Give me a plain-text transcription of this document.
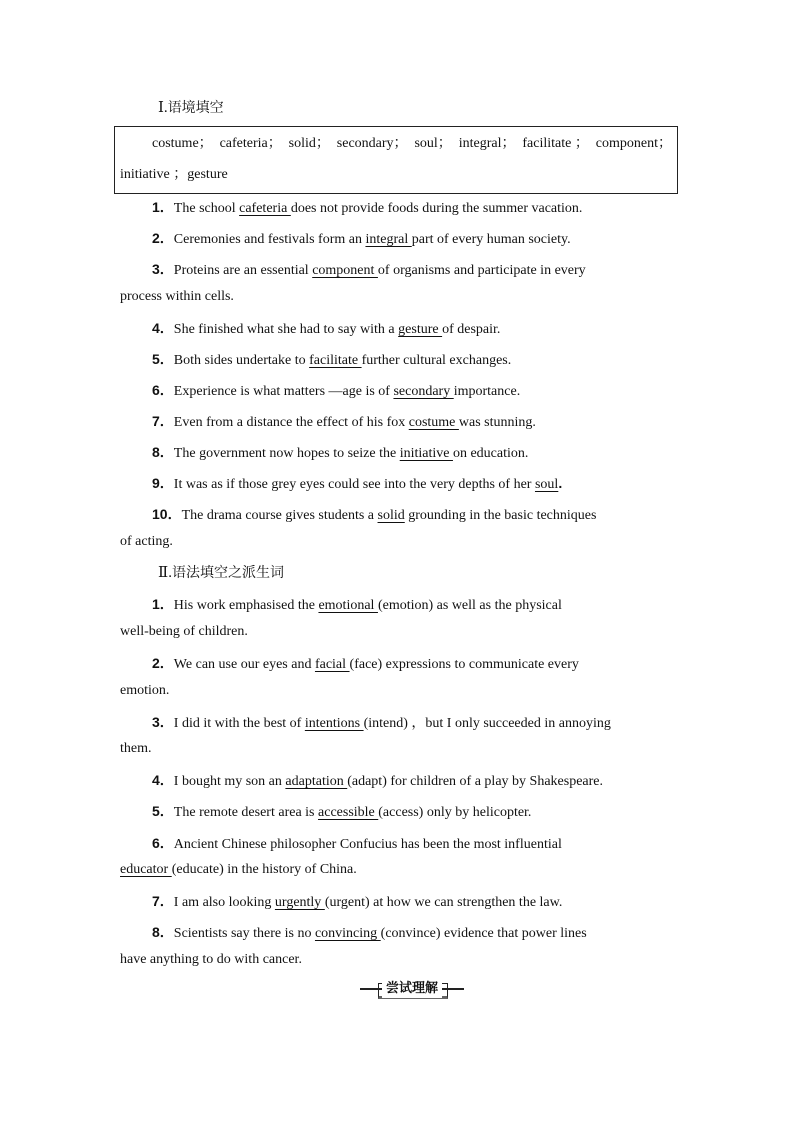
Ⅰ.语境填空
costume； cafeteria； solid； secondary； soul； integral； facilitate ； component；
initiative ；gesture
1．The school cafeteria does not provide foods during the summer vacation.
2．Ceremonies and festivals form an integral part of every human society.
3．Proteins are an essential component of organisms and participate in every
process within cells.
4．She finished what she had to say with a gesture of despair.
5．Both sides undertake to facilitate further cultural exchanges.
6．Experience is what matters —age is of secondary importance.
7．Even from a distance the effect of his fox costume was stunning.
8．The government now hopes to seize the initiative on education.
9．It was as if those grey eyes could see into the very depths of her soul.
10．The drama course gives students a solid grounding in the basic techniques
of acting.
Ⅱ.语法填空之派生词
1．His work emphasised the emotional (emotion) as well as the physical
well-being of children.
2．We can use our eyes and facial (face) expressions to communicate every
emotion.
3．I did it with the best of intentions (intend) ，but I only succeeded in annoying
them.
4．I bought my son an adaptation (adapt) for children of a play by Shakespeare.
5．The remote desert area is accessible (access) only by helicopter.
6．Ancient Chinese philosopher Confucius has been the most influential
educator (educate) in the history of China.
7．I am also looking urgently (urgent) at how we can strengthen the law.
8．Scientists say there is no convincing (convince) evidence that power lines
have anything to do with cancer.
尝试理解
